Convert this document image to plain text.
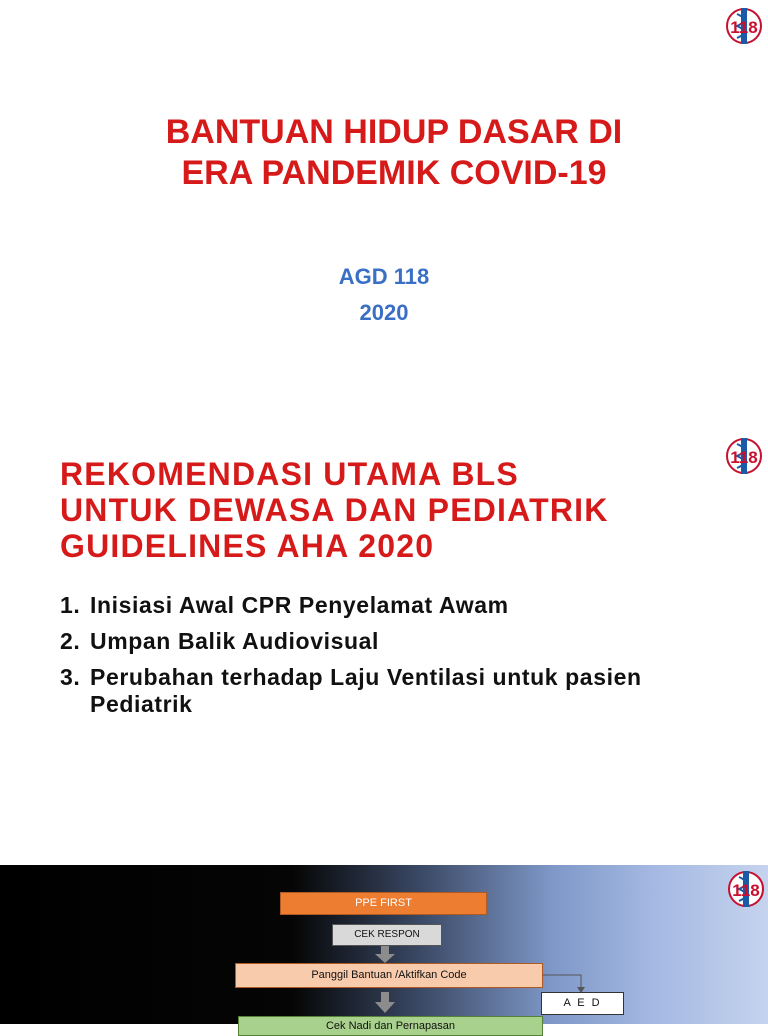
118
BANTUAN HIDUP DASAR DI
ERA PANDEMIK COVID-19
AGD 118
2020
118
REKOMENDASI UTAMA BLS
UNTUK DEWASA DAN PEDIATRIK
GUIDELINES AHA 2020
1. Inisiasi Awal CPR Penyelamat Awam
2. Umpan Balik Audiovisual
3. Perubahan terhadap Laju Ventilasi untuk pasien Pediatrik
118
PPE FIRST
CEK RESPON
Panggil Bantuan /Aktifkan Code
A E D
Cek Nadi dan Pernapasan
